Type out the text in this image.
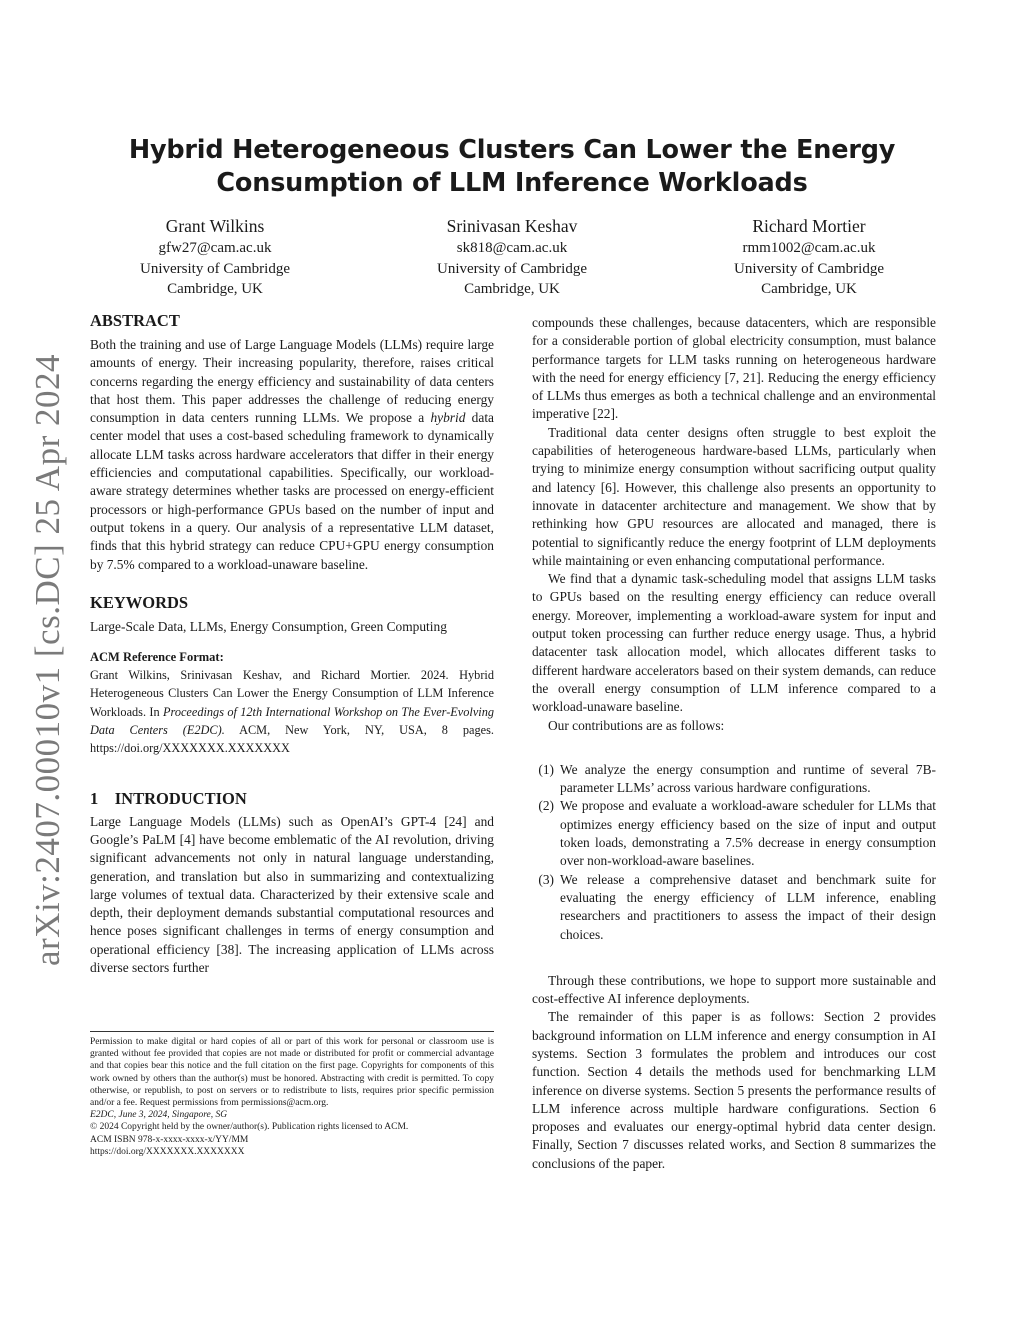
arXiv:2407.00010v1 [cs.DC] 25 Apr 2024
Hybrid Heterogeneous Clusters Can Lower the Energy
Consumption of LLM Inference Workloads
Grant Wilkins
gfw27@cam.ac.uk
University of Cambridge
Cambridge, UK
Srinivasan Keshav
sk818@cam.ac.uk
University of Cambridge
Cambridge, UK
Richard Mortier
rmm1002@cam.ac.uk
University of Cambridge
Cambridge, UK
ABSTRACT

Both the training and use of Large Language Models (LLMs) require large amounts of energy. Their increasing popularity, therefore, raises critical concerns regarding the energy efficiency and sustainability of data centers that host them. This paper addresses the challenge of reducing energy consumption in data centers running LLMs. We propose a hybrid data center model that uses a cost-based scheduling framework to dynamically allocate LLM tasks across hardware accelerators that differ in their energy efficiencies and computational capabilities. Specifically, our workload-aware strategy determines whether tasks are processed on energy-efficient processors or high-performance GPUs based on the number of input and output tokens in a query. Our analysis of a representative LLM dataset, finds that this hybrid strategy can reduce CPU+GPU energy consumption by 7.5% compared to a workload-unaware baseline.

KEYWORDS

Large-Scale Data, LLMs, Energy Consumption, Green Computing

ACM Reference Format:

Grant Wilkins, Srinivasan Keshav, and Richard Mortier. 2024. Hybrid Heterogeneous Clusters Can Lower the Energy Consumption of LLM Inference Workloads. In Proceedings of 12th International Workshop on The Ever-Evolving Data Centers (E2DC). ACM, New York, NY, USA, 8 pages. https://doi.org/XXXXXXX.XXXXXXX

1 INTRODUCTION

Large Language Models (LLMs) such as OpenAI’s GPT-4 [24] and Google’s PaLM [4] have become emblematic of the AI revolution, driving significant advancements not only in natural language understanding, generation, and translation but also in summarizing and contextualizing large volumes of textual data. Characterized by their extensive scale and depth, their deployment demands substantial computational resources and hence poses significant challenges in terms of energy consumption and operational efficiency [38]. The increasing application of LLMs across diverse sectors further

Permission to make digital or hard copies of all or part of this work for personal or classroom use is granted without fee provided that copies are not made or distributed for profit or commercial advantage and that copies bear this notice and the full citation on the first page. Copyrights for components of this work owned by others than the author(s) must be honored. Abstracting with credit is permitted. To copy otherwise, or republish, to post on servers or to redistribute to lists, requires prior specific permission and/or a fee. Request permissions from permissions@acm.org.

E2DC, June 3, 2024, Singapore, SG

© 2024 Copyright held by the owner/author(s). Publication rights licensed to ACM.

ACM ISBN 978-x-xxxx-xxxx-x/YY/MM

https://doi.org/XXXXXXX.XXXXXXX

compounds these challenges, because datacenters, which are responsible for a considerable portion of global electricity consumption, must balance performance targets for LLM tasks running on heterogeneous hardware with the need for energy efficiency [7, 21]. Reducing the energy efficiency of LLMs thus emerges as both a technical challenge and an environmental imperative [22].

Traditional data center designs often struggle to best exploit the capabilities of heterogeneous hardware-based LLMs, particularly when trying to minimize energy consumption without sacrificing output quality and latency [6]. However, this challenge also presents an opportunity to innovate in datacenter architecture and management. We show that by rethinking how GPU resources are allocated and managed, there is potential to significantly reduce the energy footprint of LLM deployments while maintaining or even enhancing computational performance.

We find that a dynamic task-scheduling model that assigns LLM tasks to GPUs based on the resulting energy efficiency can reduce overall energy. Moreover, implementing a workload-aware system for input and output token processing can further reduce energy usage. Thus, a hybrid datacenter task allocation model, which allocates different tasks to different hardware accelerators based on their system demands, can reduce the overall energy consumption of LLM inference compared to a workload-unaware baseline.

Our contributions are as follows:

(1) We analyze the energy consumption and runtime of several 7B-parameter LLMs’ across various hardware configurations.
(2) We propose and evaluate a workload-aware scheduler for LLMs that optimizes energy efficiency based on the size of input and output token loads, demonstrating a 7.5% decrease in energy consumption over non-workload-aware baselines.
(3) We release a comprehensive dataset and benchmark suite for evaluating the energy efficiency of LLM inference, enabling researchers and practitioners to assess the impact of their design choices.

Through these contributions, we hope to support more sustainable and cost-effective AI inference deployments.

The remainder of this paper is as follows: Section 2 provides background information on LLM inference and energy consumption in AI systems. Section 3 formulates the problem and introduces our cost function. Section 4 details the methods used for benchmarking LLM inference on diverse systems. Section 5 presents the performance results of LLM inference across multiple hardware configurations. Section 6 proposes and evaluates our energy-optimal hybrid data center design. Finally, Section 7 discusses related works, and Section 8 summarizes the conclusions of the paper.
